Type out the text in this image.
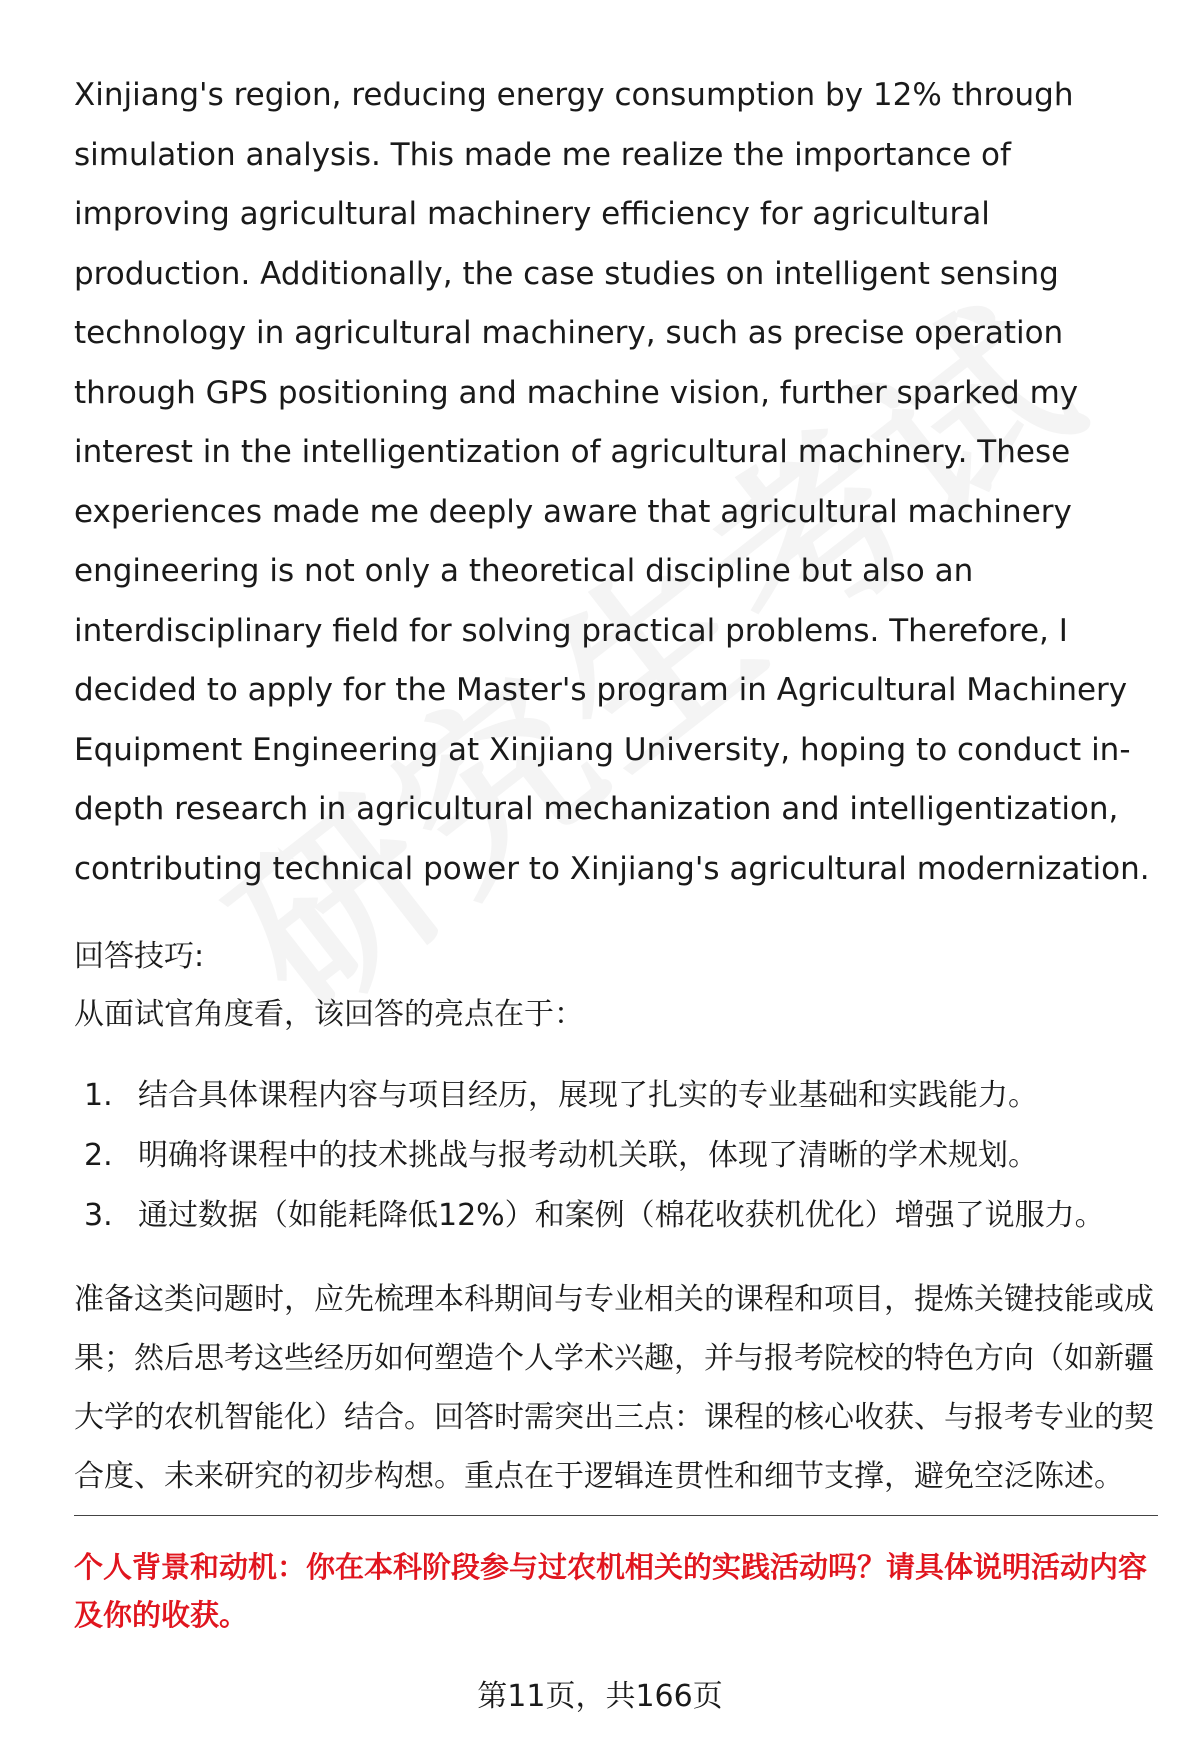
Xinjiang's region, reducing energy consumption by 12% through simulation analysis. This made me realize the importance of improving agricultural machinery efficiency for agricultural production. Additionally, the case studies on intelligent sensing technology in agricultural machinery, such as precise operation through GPS positioning and machine vision, further sparked my interest in the intelligentization of agricultural machinery. These experiences made me deeply aware that agricultural machinery engineering is not only a theoretical discipline but also an interdisciplinary field for solving practical problems. Therefore, I decided to apply for the Master's program in Agricultural Machinery Equipment Engineering at Xinjiang University, hoping to conduct in-depth research in agricultural mechanization and intelligentization, contributing technical power to Xinjiang's agricultural modernization.

回答技巧:

从面试官角度看，该回答的亮点在于：

1. 结合具体课程内容与项目经历，展现了扎实的专业基础和实践能力。
2. 明确将课程中的技术挑战与报考动机关联，体现了清晰的学术规划。
3. 通过数据（如能耗降低12%）和案例（棉花收获机优化）增强了说服力。

准备这类问题时，应先梳理本科期间与专业相关的课程和项目，提炼关键技能或成果；然后思考这些经历如何塑造个人学术兴趣，并与报考院校的特色方向（如新疆大学的农机智能化）结合。回答时需突出三点：课程的核心收获、与报考专业的契合度、未来研究的初步构想。重点在于逻辑连贯性和细节支撑，避免空泛陈述。

个人背景和动机：你在本科阶段参与过农机相关的实践活动吗？请具体说明活动内容及你的收获。

第11页，共166页
